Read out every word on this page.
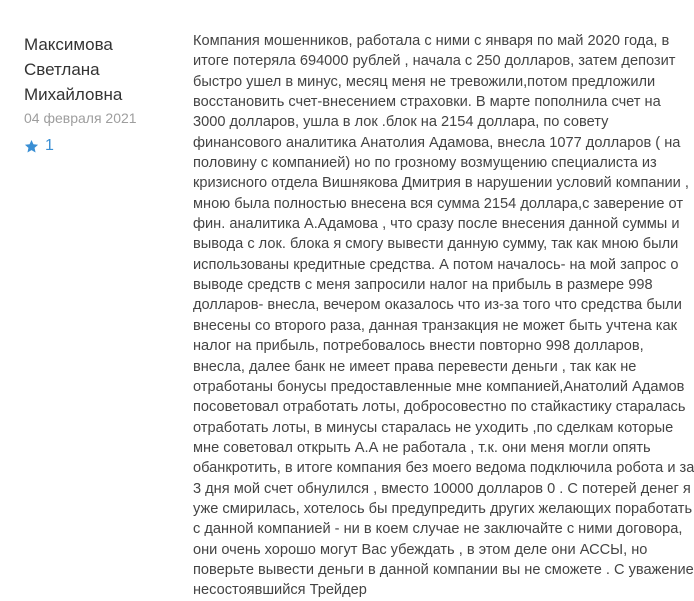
Максимова
Светлана
Михайловна
04 февраля 2021
1
Компания мошенников, работала с ними с января по май 2020 года, в
итоге потеряла 694000 рублей , начала с 250 долларов, затем депозит
быстро ушел в минус, месяц меня не тревожили,потом предложили
восстановить счет-внесением страховки. В марте пополнила счет на
3000 долларов, ушла в лок .блок на 2154 доллара, по совету
финансового аналитика Анатолия Адамова, внесла 1077 долларов ( на
половину с компанией) но по грозному возмущению специалиста из
кризисного отдела Вишнякова Дмитрия в нарушении условий компании ,
мною была полностью внесена вся сумма 2154 доллара,с заверение от
фин. аналитика А.Адамова , что сразу после внесения данной суммы и
вывода с лок. блока я смогу вывести данную сумму, так как мною были
использованы кредитные средства. А потом началось- на мой запрос о
выводе средств с меня запросили налог на прибыль в размере 998
долларов- внесла, вечером оказалось что из-за того что средства были
внесены со второго раза, данная транзакция не может быть учтена как
налог на прибыль, потребовалось внести повторно 998 долларов,
внесла, далее банк не имеет права перевести деньги , так как не
отработаны бонусы предоставленные мне компанией,Анатолий Адамов
посоветовал отработать лоты, добросовестно по стайкастику старалась
отработать лоты, в минусы старалась не уходить ,по сделкам которые
мне советовал открыть А.А не работала , т.к. они меня могли опять
обанкротить, в итоге компания без моего ведома подключила робота и за
3 дня мой счет обнулился , вместо 10000 долларов 0 . С потерей денег я
уже смирилась, хотелось бы предупредить других желающих поработать
с данной компанией - ни в коем случае не заключайте с ними договора,
они очень хорошо могут Вас убеждать , в этом деле они АССЫ, но
поверьте вывести деньги в данной компании вы не сможете . С уважение
несостоявшийся Трейдер
